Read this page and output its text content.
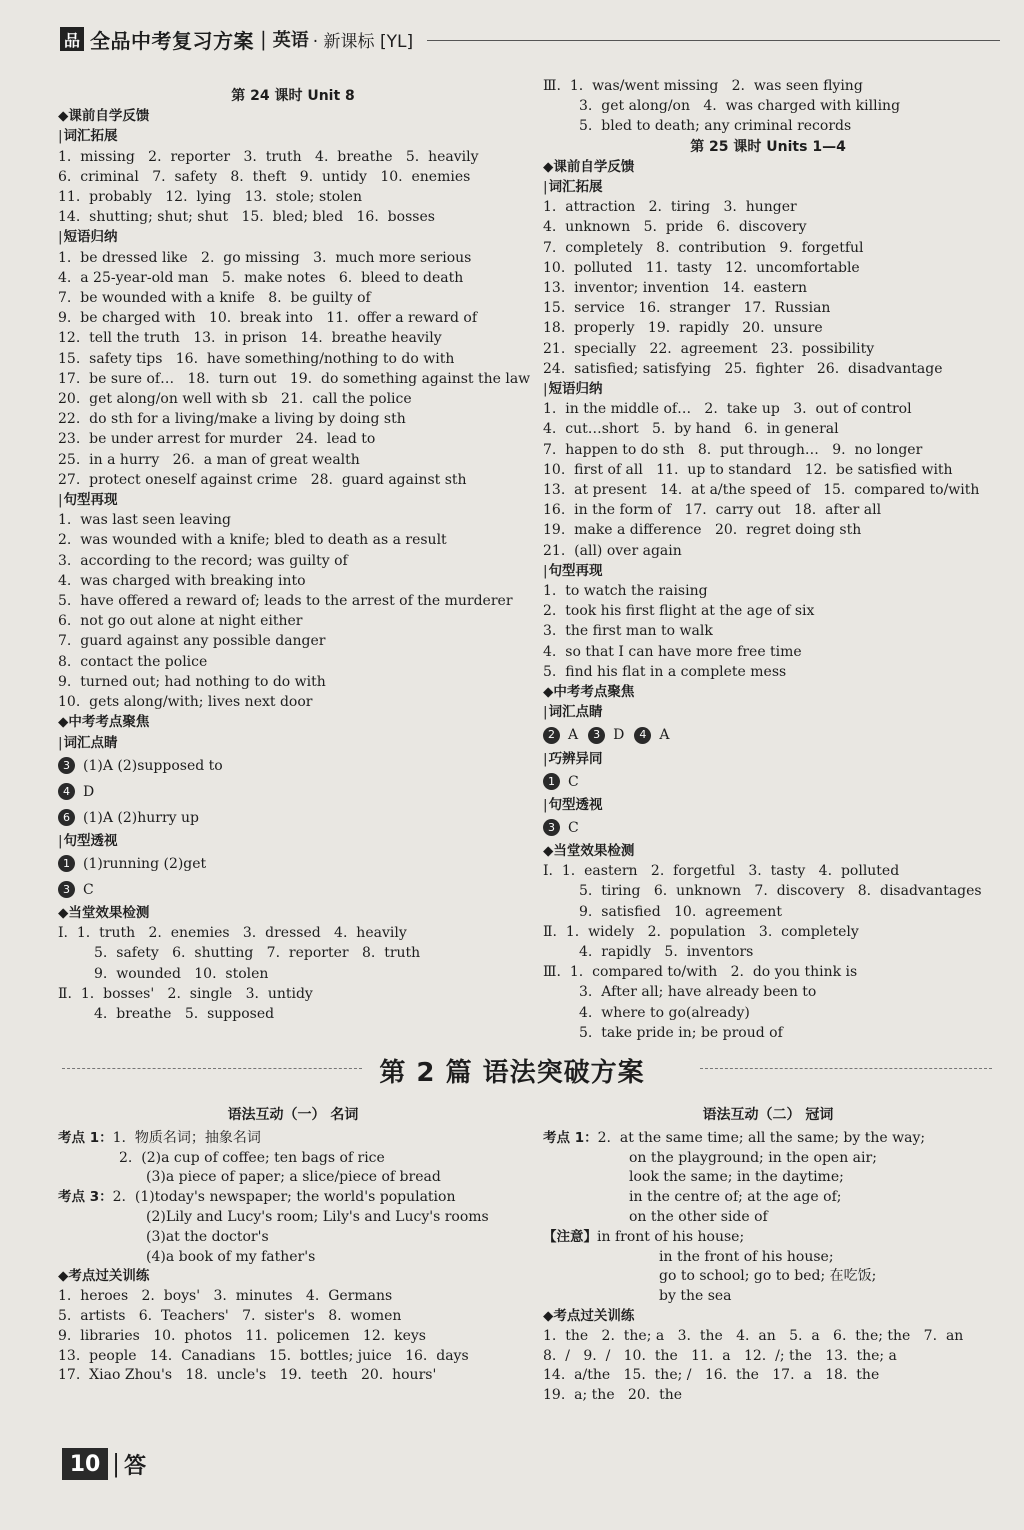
品 全品中考复习方案 | 英语 · 新课标 [YL]
第 24 课时 Unit 8
◆课前自学反馈
| 词汇拓展
1.  missing   2.  reporter   3.  truth   4.  breathe   5.  heavily
6.  criminal   7.  safety   8.  theft   9.  untidy   10.  enemies
11.  probably   12.  lying   13.  stole; stolen
14.  shutting; shut; shut   15.  bled; bled   16.  bosses
| 短语归纳
1.  be dressed like   2.  go missing   3.  much more serious
4.  a 25-year-old man   5.  make notes   6.  bleed to death
7.  be wounded with a knife   8.  be guilty of
9.  be charged with   10.  break into   11.  offer a reward of
12.  tell the truth   13.  in prison   14.  breathe heavily
15.  safety tips   16.  have something/nothing to do with
17.  be sure of…   18.  turn out   19.  do something against the law
20.  get along/on well with sb   21.  call the police
22.  do sth for a living/make a living by doing sth
23.  be under arrest for murder   24.  lead to
25.  in a hurry   26.  a man of great wealth
27.  protect oneself against crime   28.  guard against sth
| 句型再现
1.  was last seen leaving
2.  was wounded with a knife; bled to death as a result
3.  according to the record; was guilty of
4.  was charged with breaking into
5.  have offered a reward of; leads to the arrest of the murderer
6.  not go out alone at night either
7.  guard against any possible danger
8.  contact the police
9.  turned out; had nothing to do with
10.  gets along/with; lives next door
◆中考考点聚焦
| 词汇点睛
3 (1)A (2)supposed to
4 D
6 (1)A (2)hurry up
| 句型透视
1 (1)running (2)get
3 C
◆当堂效果检测
Ⅰ.  1.  truth   2.  enemies   3.  dressed   4.  heavily
5.  safety   6.  shutting   7.  reporter   8.  truth
9.  wounded   10.  stolen
Ⅱ.  1.  bosses'   2.  single   3.  untidy
4.  breathe   5.  supposed
Ⅲ.  1.  was/went missing   2.  was seen flying
3.  get along/on   4.  was charged with killing
5.  bled to death; any criminal records
第 25 课时 Units 1—4
◆课前自学反馈
| 词汇拓展
1.  attraction   2.  tiring   3.  hunger
4.  unknown   5.  pride   6.  discovery
7.  completely   8.  contribution   9.  forgetful
10.  polluted   11.  tasty   12.  uncomfortable
13.  inventor; invention   14.  eastern
15.  service   16.  stranger   17.  Russian
18.  properly   19.  rapidly   20.  unsure
21.  specially   22.  agreement   23.  possibility
24.  satisfied; satisfying   25.  fighter   26.  disadvantage
| 短语归纳
1.  in the middle of…   2.  take up   3.  out of control
4.  cut…short   5.  by hand   6.  in general
7.  happen to do sth   8.  put through…   9.  no longer
10.  first of all   11.  up to standard   12.  be satisfied with
13.  at present   14.  at a/the speed of   15.  compared to/with
16.  in the form of   17.  carry out   18.  after all
19.  make a difference   20.  regret doing sth
21.  (all) over again
| 句型再现
1.  to watch the raising
2.  took his first flight at the age of six
3.  the first man to walk
4.  so that I can have more free time
5.  find his flat in a complete mess
◆中考考点聚焦
| 词汇点睛
2 A	3 D	4 A
| 巧辨异同
1 C
| 句型透视
3 C
◆当堂效果检测
Ⅰ.  1.  eastern   2.  forgetful   3.  tasty   4.  polluted
5.  tiring   6.  unknown   7.  discovery   8.  disadvantages
9.  satisfied   10.  agreement
Ⅱ.  1.  widely   2.  population   3.  completely
4.  rapidly   5.  inventors
Ⅲ.  1.  compared to/with   2.  do you think is
3.  After all; have already been to
4.  where to go(already)
5.  take pride in; be proud of
第 2 篇 语法突破方案
语法互动（一） 名词
考点 1：1.  物质名词；抽象名词
2.  (2)a cup of coffee; ten bags of rice
(3)a piece of paper; a slice/piece of bread
考点 3：2.  (1)today's newspaper; the world's population
(2)Lily and Lucy's room; Lily's and Lucy's rooms
(3)at the doctor's
(4)a book of my father's
◆考点过关训练
1.  heroes   2.  boys'   3.  minutes   4.  Germans
5.  artists   6.  Teachers'   7.  sister's   8.  women
9.  libraries   10.  photos   11.  policemen   12.  keys
13.  people   14.  Canadians   15.  bottles; juice   16.  days
17.  Xiao Zhou's   18.  uncle's   19.  teeth   20.  hours'
语法互动（二） 冠词
考点 1：2.  at the same time; all the same; by the way;
on the playground; in the open air;
look the same; in the daytime;
in the centre of; at the age of;
on the other side of
【注意】in front of his house;
in the front of his house;
go to school; go to bed; 在吃饭;
by the sea
◆考点过关训练
1.  the   2.  the; a   3.  the   4.  an   5.  a   6.  the; the   7.  an
8.  /   9.  /   10.  the   11.  a   12.  /; the   13.  the; a
14.  a/the   15.  the; /   16.  the   17.  a   18.  the
19.  a; the   20.  the
10 | 答
